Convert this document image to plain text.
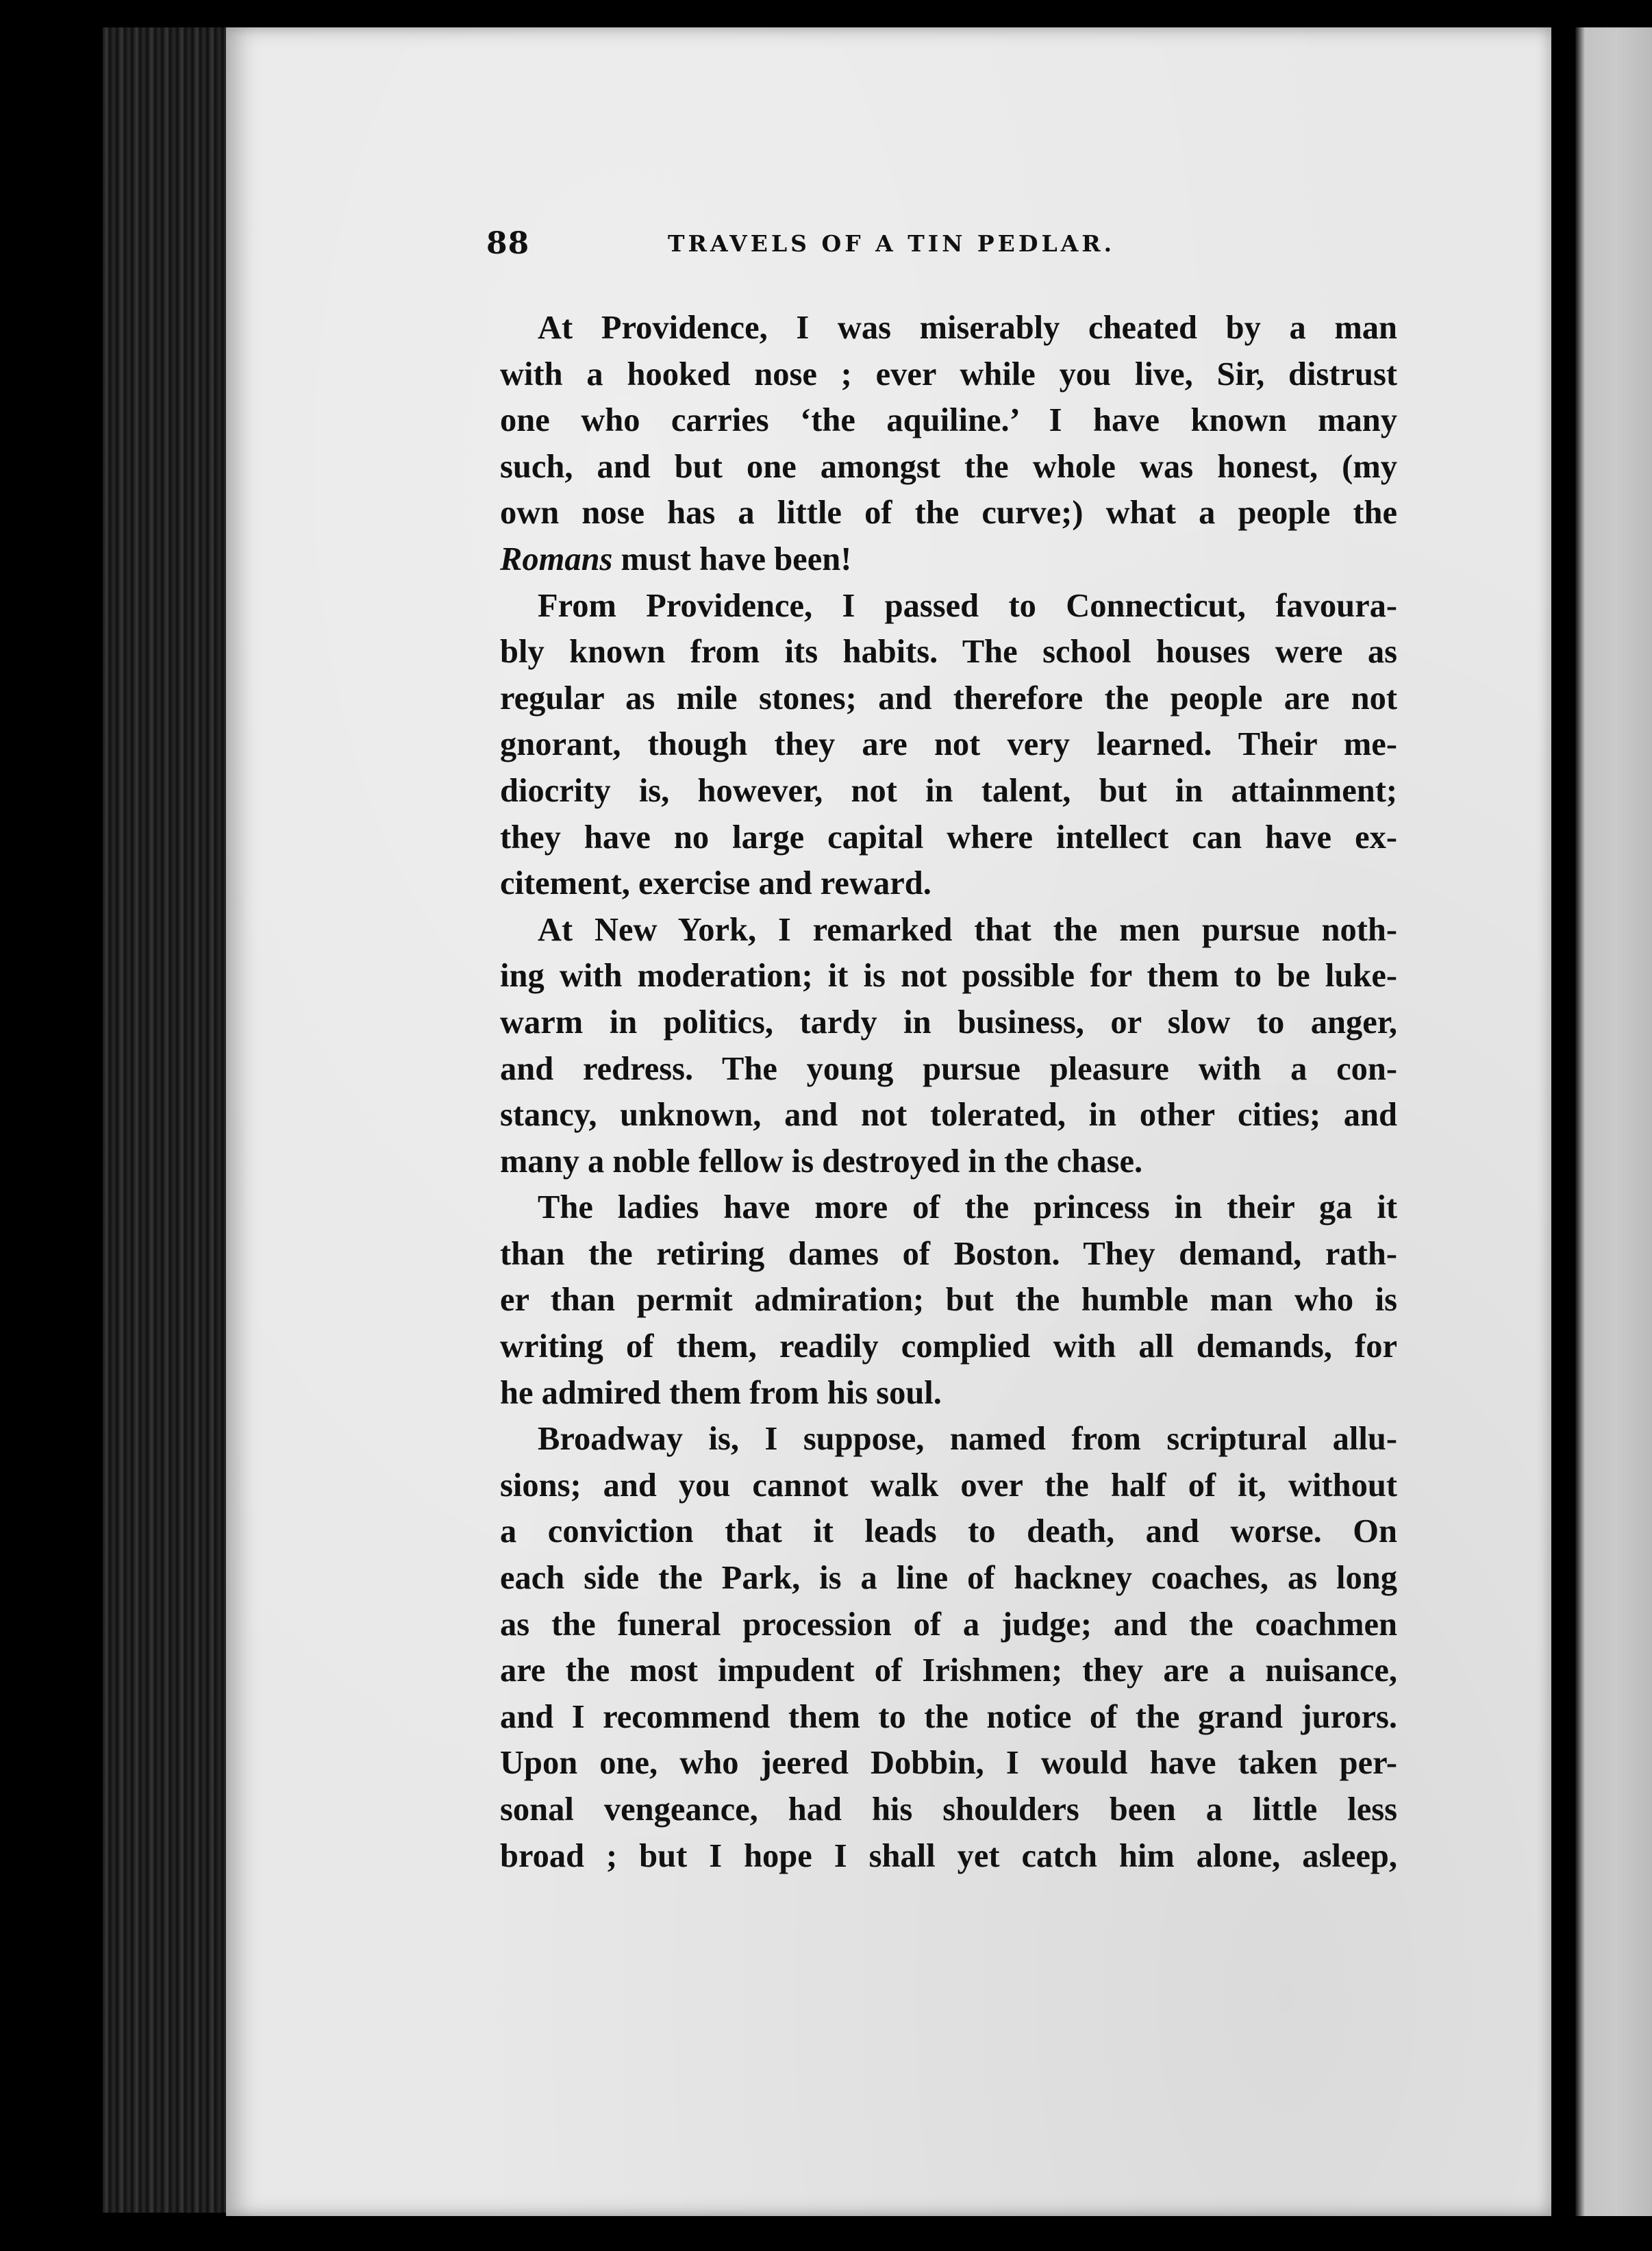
88	TRAVELS OF A TIN PEDLAR.
At Providence, I was miserably cheated by a man
with a hooked nose ; ever while you live, Sir, distrust
one who carries ‘the aquiline.’ I have known many
such, and but one amongst the whole was honest, (my
own nose has a little of the curve;) what a people the
Romans must have been!
From Providence, I passed to Connecticut, favoura-
bly known from its habits. The school houses were as
regular as mile stones; and therefore the people are not
gnorant, though they are not very learned. Their me-
diocrity is, however, not in talent, but in attainment;
they have no large capital where intellect can have ex-
citement, exercise and reward.
At New York, I remarked that the men pursue noth-
ing with moderation; it is not possible for them to be luke-
warm in politics, tardy in business, or slow to anger,
and redress. The young pursue pleasure with a con-
stancy, unknown, and not tolerated, in other cities; and
many a noble fellow is destroyed in the chase.
The ladies have more of the princess in their ga it
than the retiring dames of Boston. They demand, rath-
er than permit admiration; but the humble man who is
writing of them, readily complied with all demands, for
he admired them from his soul.
Broadway is, I suppose, named from scriptural allu-
sions; and you cannot walk over the half of it, without
a conviction that it leads to death, and worse. On
each side the Park, is a line of hackney coaches, as long
as the funeral procession of a judge; and the coachmen
are the most impudent of Irishmen; they are a nuisance,
and I recommend them to the notice of the grand jurors.
Upon one, who jeered Dobbin, I would have taken per-
sonal vengeance, had his shoulders been a little less
broad ; but I hope I shall yet catch him alone, asleep,
